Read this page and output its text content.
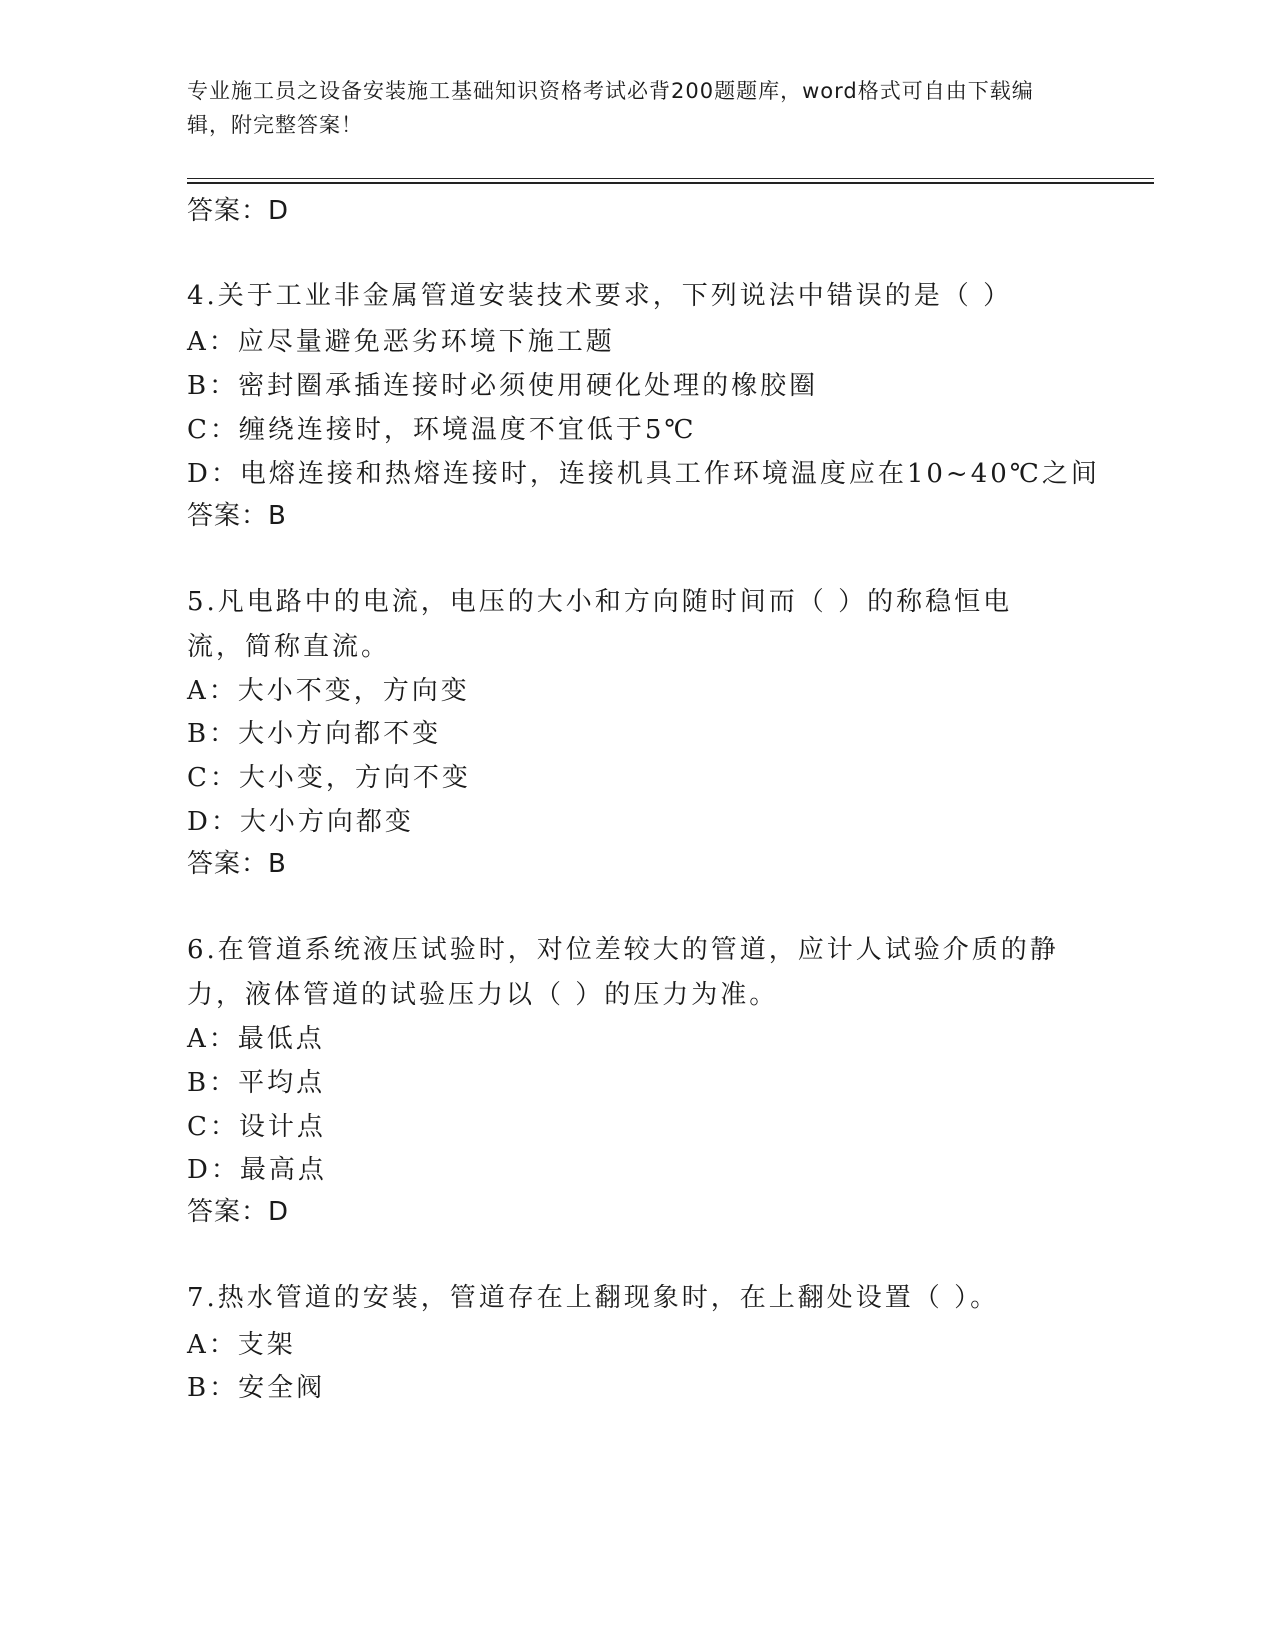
专业施工员之设备安装施工基础知识资格考试必背200题题库，word格式可自由下载编辑，附完整答案！
答案：D
4.关于工业非金属管道安装技术要求，下列说法中错误的是（ ）
A：应尽量避免恶劣环境下施工题
B：密封圈承插连接时必须使用硬化处理的橡胶圈
C：缠绕连接时，环境温度不宜低于5℃
D：电熔连接和热熔连接时，连接机具工作环境温度应在10~40℃之间
答案：B
5.凡电路中的电流，电压的大小和方向随时间而（ ）的称稳恒电流，简称直流。
A：大小不变，方向变
B：大小方向都不变
C：大小变，方向不变
D：大小方向都变
答案：B
6.在管道系统液压试验时，对位差较大的管道，应计人试验介质的静力，液体管道的试验压力以（ ）的压力为准。
A：最低点
B：平均点
C：设计点
D：最高点
答案：D
7.热水管道的安装，管道存在上翻现象时，在上翻处设置（ ）。
A：支架
B：安全阀
